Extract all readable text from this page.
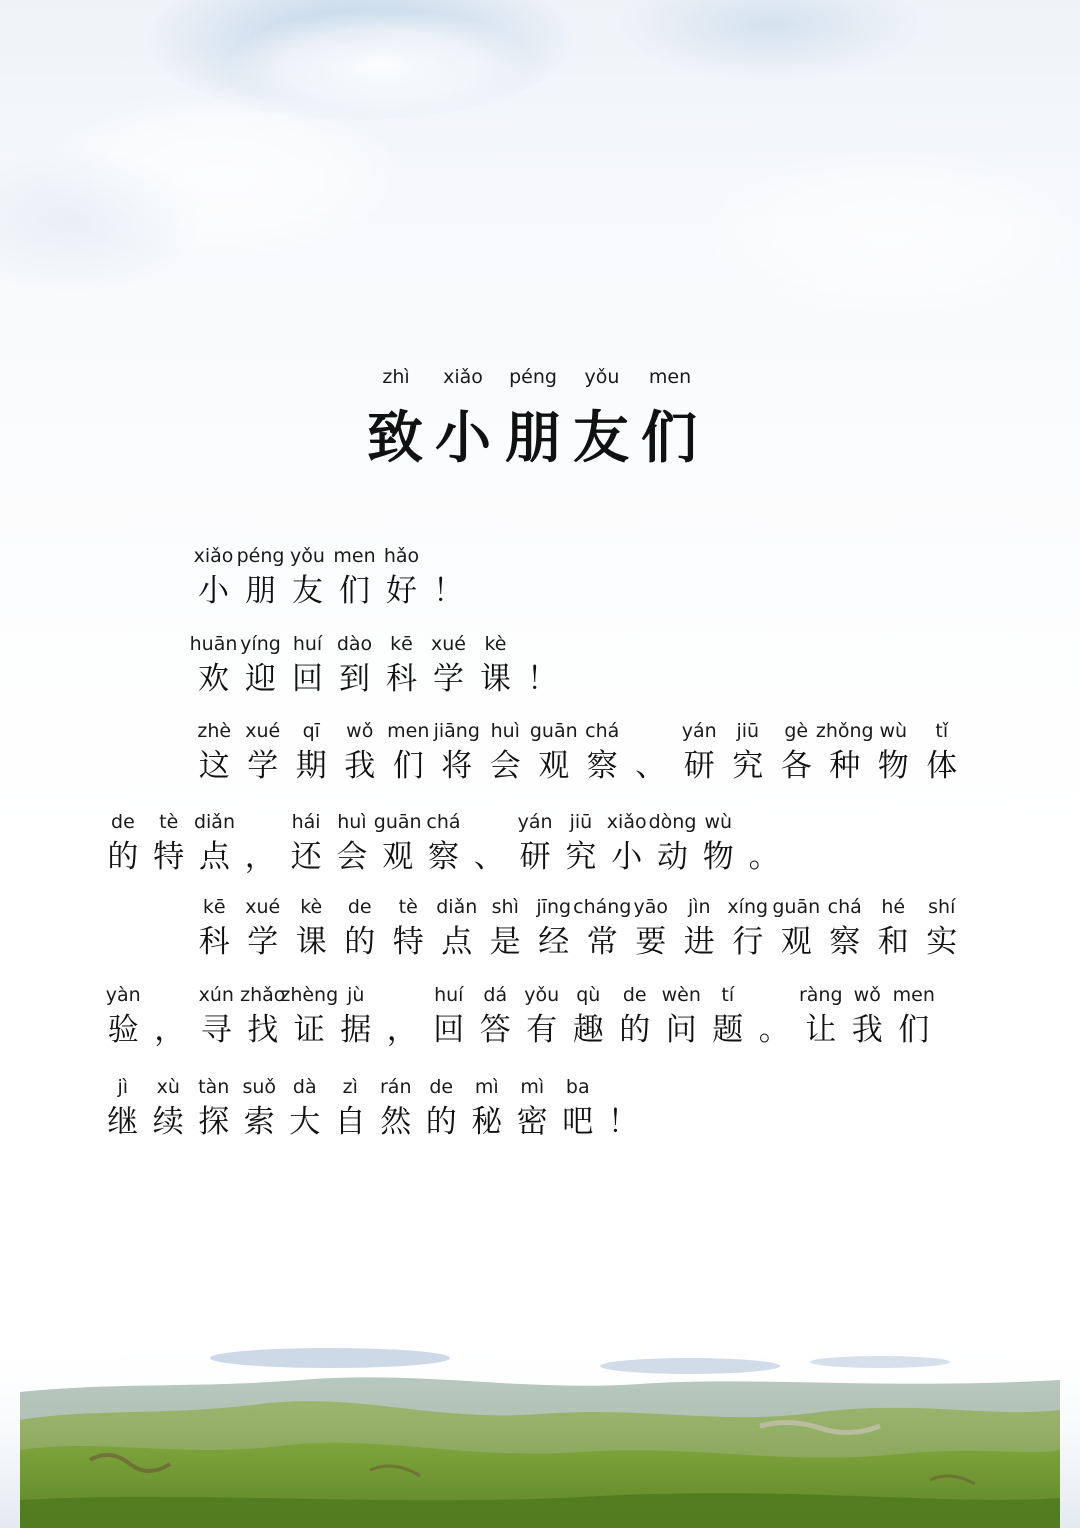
zhì	xiǎo	péng	yǒu	men
致 小 朋 友 们
xiǎo
小
péng
朋
yǒu
友
men
们
hǎo
好 ！
huān
欢
yíng
迎
huí
回
dào
到
kē
科
xué
学
kè
课 ！
zhè
这
xué
学
qī
期
wǒ
我
men
们
jiāng
将
huì
会
guān
观
chá
察 、
yán
研
jiū
究
gè
各
zhǒng
种
wù
物
tǐ
体
de
的
tè
特
diǎn
点 ，
hái
还
huì
会
guān
观
chá
察 、
yán
研
jiū
究
xiǎo
小
dòng
动
wù
物 。
kē
科
xué
学
kè
课
de
的
tè
特
diǎn
点
shì
是
jīng
经
cháng
常
yāo
要
jìn
进
xíng
行
guān
观
chá
察
hé
和
shí
实
yàn
验 ，
xún
寻
zhǎo
找
zhèng
证
jù
据 ，
huí
回
dá
答
yǒu
有
qù
趣
de
的
wèn
问
tí
题 。
ràng
让
wǒ
我
men
们
jì
继
xù
续
tàn
探
suǒ
索
dà
大
zì
自
rán
然
de
的
mì
秘
mì
密
ba
吧 ！
